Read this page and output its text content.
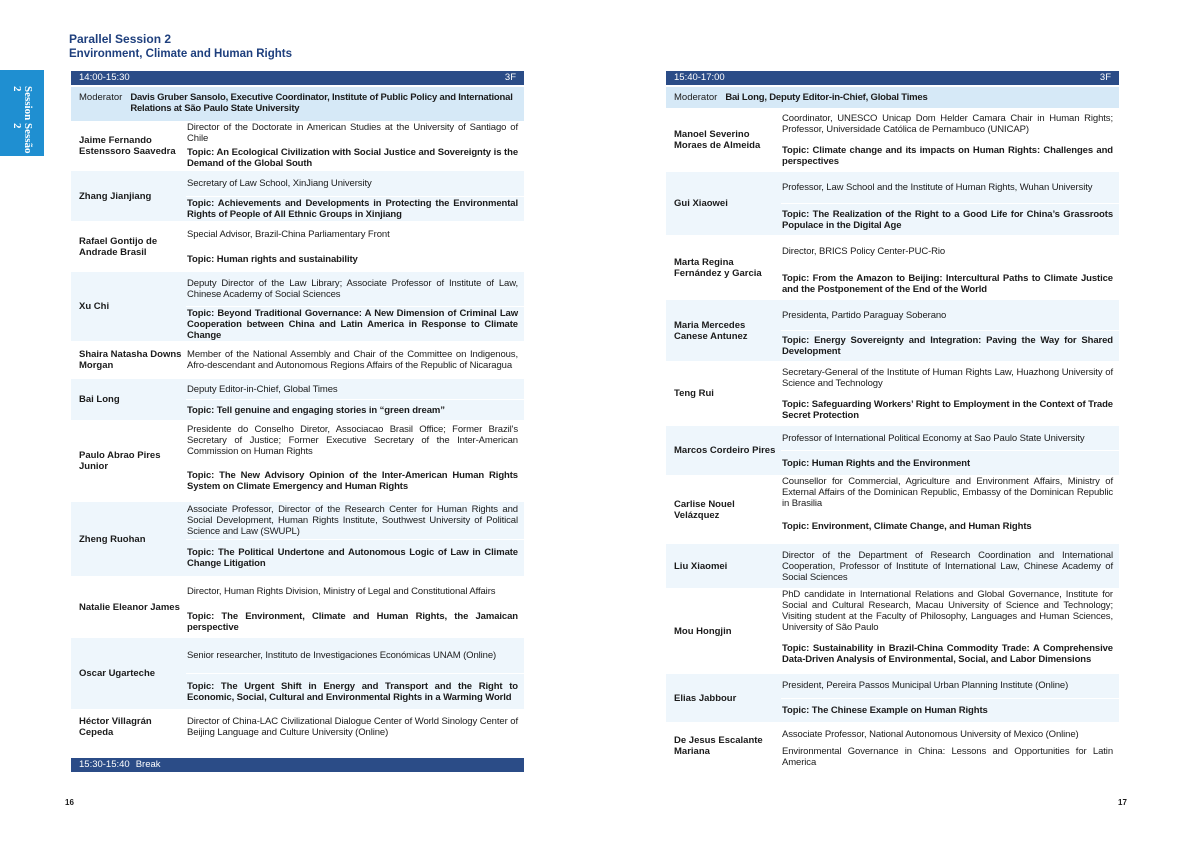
Parallel Session 2
Environment, Climate and Human Rights
Session 2
Sessão 2
14:00-15:30	3F
Moderator Davis Gruber Sansolo, Executive Coordinator, Institute of Public Policy and International Relations at São Paulo State University
Jaime Fernando Estenssoro Saavedra
Director of the Doctorate in American Studies at the University of Santiago of Chile
Topic: An Ecological Civilization with Social Justice and Sovereignty is the Demand of the Global South
Zhang Jianjiang
Secretary of Law School, XinJiang University
Topic: Achievements and Developments in Protecting the Environmental Rights of People of All Ethnic Groups in Xinjiang
Rafael Gontijo de Andrade Brasil
Special Advisor, Brazil-China Parliamentary Front
Topic: Human rights and sustainability
Xu Chi
Deputy Director of the Law Library; Associate Professor of Institute of Law, Chinese Academy of Social Sciences
Topic: Beyond Traditional Governance: A New Dimension of Criminal Law Cooperation between China and Latin America in Response to Climate Change
Shaira Natasha Downs Morgan
Member of the National Assembly and Chair of the Committee on Indigenous, Afro-descendant and Autonomous Regions Affairs of the Republic of Nicaragua
Bai Long
Deputy Editor-in-Chief, Global Times
Topic: Tell genuine and engaging stories in “green dream”
Paulo Abrao Pires Junior
Presidente do Conselho Diretor, Associacao Brasil Office; Former Brazil's Secretary of Justice; Former Executive Secretary of the Inter-American Commission on Human Rights
Topic: The New Advisory Opinion of the Inter-American Human Rights System on Climate Emergency and Human Rights
Zheng Ruohan
Associate Professor, Director of the Research Center for Human Rights and Social Development, Human Rights Institute, Southwest University of Political Science and Law (SWUPL)
Topic: The Political Undertone and Autonomous Logic of Law in Climate Change Litigation
Natalie Eleanor James
Director, Human Rights Division, Ministry of Legal and Constitutional Affairs
Topic: The Environment, Climate and Human Rights, the Jamaican perspective
Oscar Ugarteche
Senior researcher, Instituto de Investigaciones Económicas UNAM (Online)
Topic: The Urgent Shift in Energy and Transport and the Right to Economic, Social, Cultural and Environmental Rights in a Warming World
Héctor Villagrán Cepeda
Director of China-LAC Civilizational Dialogue Center of World Sinology Center of Beijing Language and Culture University (Online)
15:30-15:40 Break
16
15:40-17:00	3F
Moderator Bai Long, Deputy Editor-in-Chief, Global Times
Manoel Severino Moraes de Almeida
Coordinator, UNESCO Unicap Dom Helder Camara Chair in Human Rights; Professor, Universidade Católica de Pernambuco (UNICAP)
Topic: Climate change and its impacts on Human Rights: Challenges and perspectives
Gui Xiaowei
Professor, Law School and the Institute of Human Rights, Wuhan University
Topic: The Realization of the Right to a Good Life for China’s Grassroots Populace in the Digital Age
Marta Regina Fernández y Garcia
Director, BRICS Policy Center-PUC-Rio
Topic: From the Amazon to Beijing: Intercultural Paths to Climate Justice and the Postponement of the End of the World
Maria Mercedes Canese Antunez
Presidenta, Partido Paraguay Soberano
Topic: Energy Sovereignty and Integration: Paving the Way for Shared Development
Teng Rui
Secretary-General of the Institute of Human Rights Law, Huazhong University of Science and Technology
Topic: Safeguarding Workers’ Right to Employment in the Context of Trade Secret Protection
Marcos Cordeiro Pires
Professor of International Political Economy at Sao Paulo State University
Topic: Human Rights and the Environment
Carlise Nouel Velázquez
Counsellor for Commercial, Agriculture and Environment Affairs, Ministry of External Affairs of the Dominican Republic, Embassy of the Dominican Republic in Brasilia
Topic: Environment, Climate Change, and Human Rights
Liu Xiaomei
Director of the Department of Research Coordination and International Cooperation, Professor of Institute of International Law, Chinese Academy of Social Sciences
Mou Hongjin
PhD candidate in International Relations and Global Governance, Institute for Social and Cultural Research, Macau University of Science and Technology; Visiting student at the Faculty of Philosophy, Languages and Human Sciences, University of São Paulo
Topic: Sustainability in Brazil-China Commodity Trade: A Comprehensive Data-Driven Analysis of Environmental, Social, and Labor Dimensions
Elias Jabbour
President, Pereira Passos Municipal Urban Planning Institute (Online)
Topic: The Chinese Example on Human Rights
De Jesus Escalante Mariana
Associate Professor, National Autonomous University of Mexico (Online)
Environmental Governance in China: Lessons and Opportunities for Latin America
17
